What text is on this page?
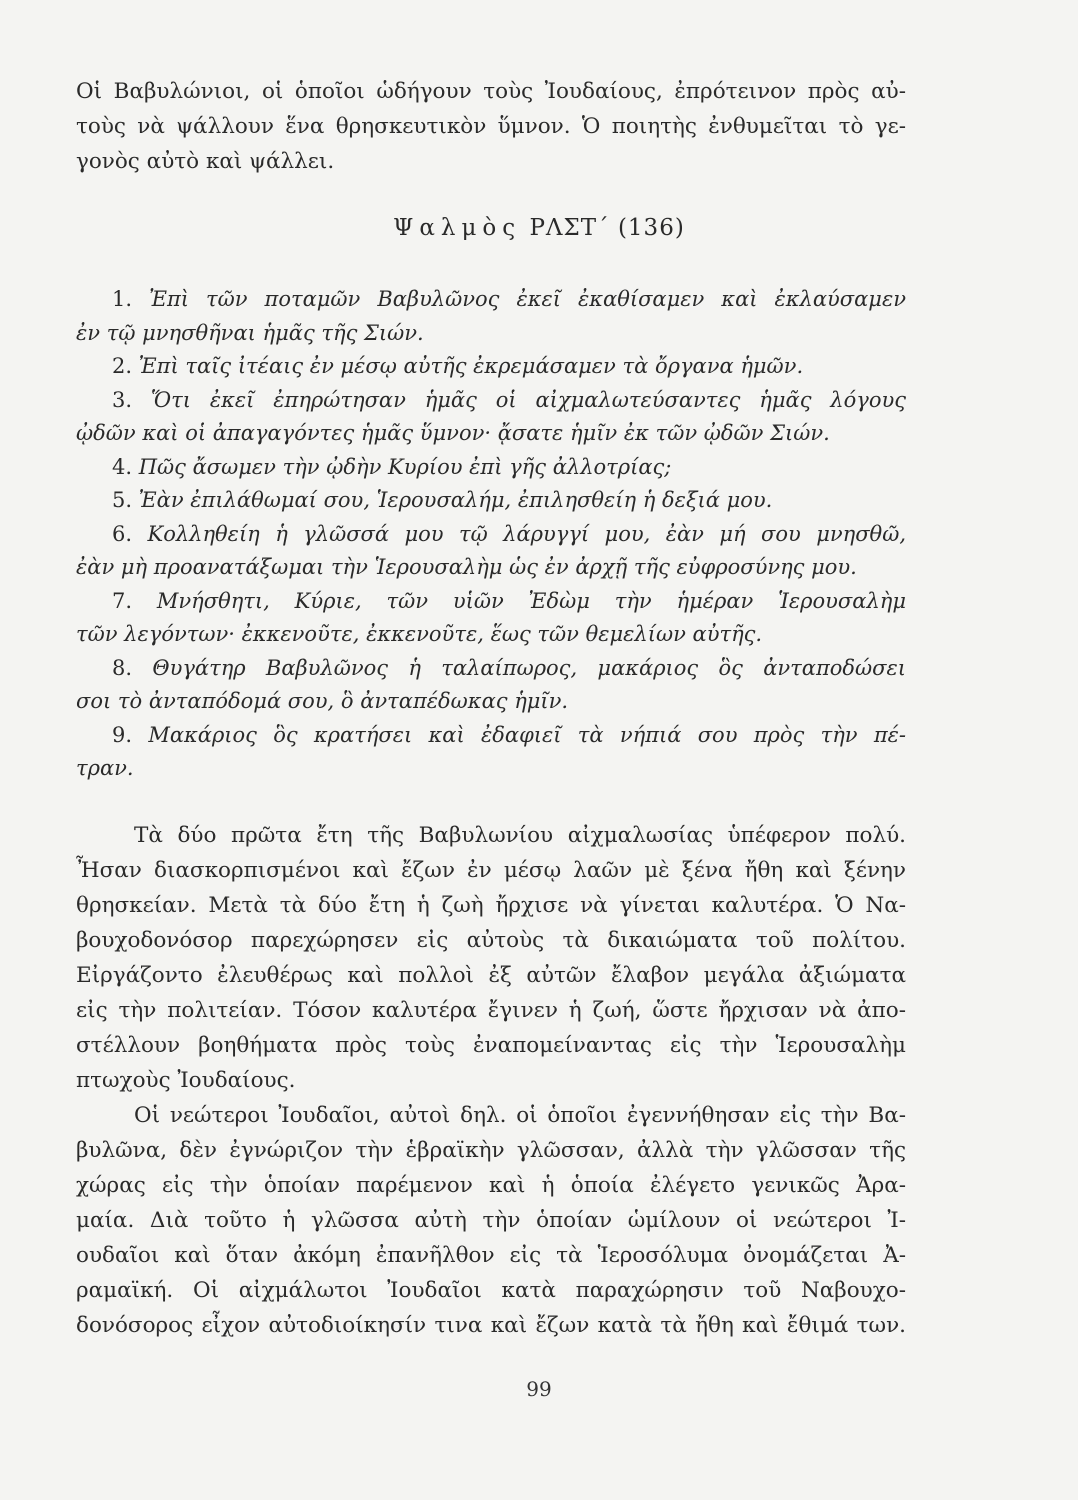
Οἱ Βαβυλώνιοι, οἱ ὁποῖοι ὡδήγουν τοὺς Ἰουδαίους, ἐπρότεινον πρὸς αὐ-
τοὺς νὰ ψάλλουν ἕνα θρησκευτικὸν ὕμνον. Ὁ ποιητὴς ἐνθυμεῖται τὸ γε-
γονὸς αὐτὸ καὶ ψάλλει.
Ψαλμὸς ΡΛΣΤ΄ (136)
1. Ἐπὶ τῶν ποταμῶν Βαβυλῶνος ἐκεῖ ἐκαθίσαμεν καὶ ἐκλαύσαμεν
ἐν τῷ μνησθῆναι ἡμᾶς τῆς Σιών.
2. Ἐπὶ ταῖς ἰτέαις ἐν μέσῳ αὐτῆς ἐκρεμάσαμεν τὰ ὄργανα ἡμῶν.
3. Ὅτι ἐκεῖ ἐπηρώτησαν ἡμᾶς οἱ αἰχμαλωτεύσαντες ἡμᾶς λόγους
ᾠδῶν καὶ οἱ ἀπαγαγόντες ἡμᾶς ὕμνον· ᾄσατε ἡμῖν ἐκ τῶν ᾠδῶν Σιών.
4. Πῶς ἄσωμεν τὴν ᾠδὴν Κυρίου ἐπὶ γῆς ἀλλοτρίας;
5. Ἐὰν ἐπιλάθωμαί σου, Ἱερουσαλήμ, ἐπιλησθείη ἡ δεξιά μου.
6. Κολληθείη ἡ γλῶσσά μου τῷ λάρυγγί μου, ἐὰν μή σου μνησθῶ,
ἐὰν μὴ προανατάξωμαι τὴν Ἱερουσαλὴμ ὡς ἐν ἀρχῇ τῆς εὐφροσύνης μου.
7. Μνήσθητι, Κύριε, τῶν υἱῶν Ἐδὼμ τὴν ἡμέραν Ἱερουσαλὴμ
τῶν λεγόντων· ἐκκενοῦτε, ἐκκενοῦτε, ἕως τῶν θεμελίων αὐτῆς.
8. Θυγάτηρ Βαβυλῶνος ἡ ταλαίπωρος, μακάριος ὃς ἀνταποδώσει
σοι τὸ ἀνταπόδομά σου, ὃ ἀνταπέδωκας ἡμῖν.
9. Μακάριος ὃς κρατήσει καὶ ἐδαφιεῖ τὰ νήπιά σου πρὸς τὴν πέ-
τραν.
Τὰ δύο πρῶτα ἔτη τῆς Βαβυλωνίου αἰχμαλωσίας ὑπέφερον πολύ.
Ἦσαν διασκορπισμένοι καὶ ἔζων ἐν μέσῳ λαῶν μὲ ξένα ἤθη καὶ ξένην
θρησκείαν. Μετὰ τὰ δύο ἔτη ἡ ζωὴ ἤρχισε νὰ γίνεται καλυτέρα. Ὁ Να-
βουχοδονόσορ παρεχώρησεν εἰς αὐτοὺς τὰ δικαιώματα τοῦ πολίτου.
Εἰργάζοντο ἐλευθέρως καὶ πολλοὶ ἐξ αὐτῶν ἔλαβον μεγάλα ἀξιώματα
εἰς τὴν πολιτείαν. Τόσον καλυτέρα ἔγινεν ἡ ζωή, ὥστε ἤρχισαν νὰ ἀπο-
στέλλουν βοηθήματα πρὸς τοὺς ἐναπομείναντας εἰς τὴν Ἱερουσαλὴμ
πτωχοὺς Ἰουδαίους.
Οἱ νεώτεροι Ἰουδαῖοι, αὐτοὶ δηλ. οἱ ὁποῖοι ἐγεννήθησαν εἰς τὴν Βα-
βυλῶνα, δὲν ἐγνώριζον τὴν ἑβραϊκὴν γλῶσσαν, ἀλλὰ τὴν γλῶσσαν τῆς
χώρας εἰς τὴν ὁποίαν παρέμενον καὶ ἡ ὁποία ἐλέγετο γενικῶς Ἀρα-
μαία. Διὰ τοῦτο ἡ γλῶσσα αὐτὴ τὴν ὁποίαν ὡμίλουν οἱ νεώτεροι Ἰ-
ουδαῖοι καὶ ὅταν ἀκόμη ἐπανῆλθον εἰς τὰ Ἱεροσόλυμα ὀνομάζεται Ἀ-
ραμαϊκή. Οἱ αἰχμάλωτοι Ἰουδαῖοι κατὰ παραχώρησιν τοῦ Ναβουχο-
δονόσορος εἶχον αὐτοδιοίκησίν τινα καὶ ἔζων κατὰ τὰ ἤθη καὶ ἔθιμά των.
99
